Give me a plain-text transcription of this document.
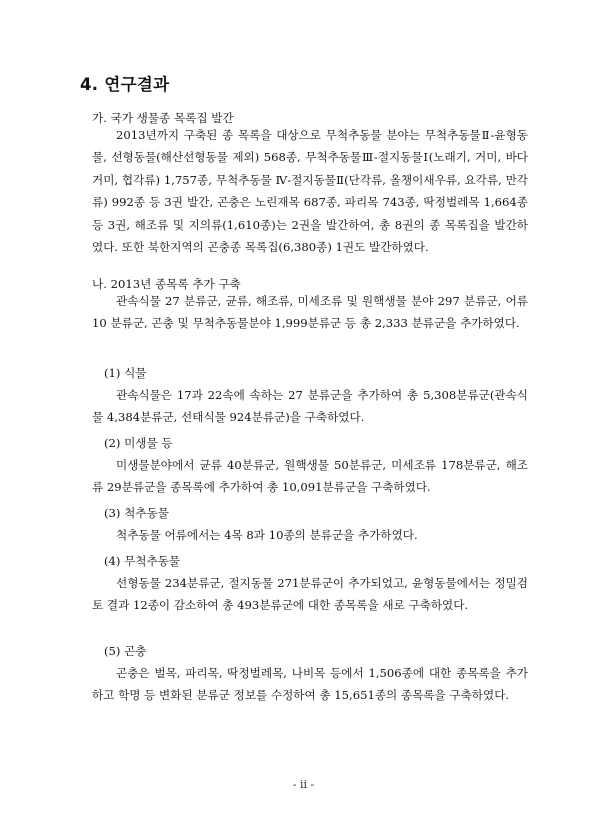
4. 연구결과
가. 국가 생물종 목록집 발간

2013년까지 구축된 종 목록을 대상으로 무척추동물 분야는 무척추동물Ⅱ-윤형동물, 선형동물(해산선형동물 제외) 568종, 무척추동물Ⅲ-절지동물Ⅰ(노래기, 거미, 바다거미, 협각류) 1,757종, 무척추동물 Ⅳ-절지동물Ⅱ(단각류, 올챙이새우류, 요각류, 만각류) 992종 등 3권 발간, 곤충은 노린재목 687종, 파리목 743종, 딱정벌레목 1,664종 등 3권, 해조류 및 지의류(1,610종)는 2권을 발간하여, 총 8권의 종 목록집을 발간하였다. 또한 북한지역의 곤충종 목록집(6,380종) 1권도 발간하였다.

나. 2013년 종목록 추가 구축

관속식물 27 분류군, 균류, 해조류, 미세조류 및 원핵생물 분야 297 분류군, 어류 10 분류군, 곤충 및 무척추동물분야 1,999분류군 등 총 2,333 분류군을 추가하였다.

(1) 식물

관속식물은 17과 22속에 속하는 27 분류군을 추가하여 총 5,308분류군(관속식물 4,384분류군, 선태식물 924분류군)을 구축하였다.

(2) 미생물 등

미생물분야에서 균류 40분류군, 원핵생물 50분류군, 미세조류 178분류군, 해조류 29분류군을 종목록에 추가하여 총 10,091분류군을 구축하였다.

(3) 척추동물

척추동물 어류에서는 4목 8과 10종의 분류군을 추가하였다.

(4) 무척추동물

선형동물 234분류군, 절지동물 271분류군이 추가되었고, 윤형동물에서는 정밀검토 결과 12종이 감소하여 총 493분류군에 대한 종목록을 새로 구축하였다.

(5) 곤충

곤충은 벌목, 파리목, 딱정벌레목, 나비목 등에서 1,506종에 대한 종목록을 추가하고 학명 등 변화된 분류군 정보를 수정하여 총 15,651종의 종목록을 구축하였다.

- ii -
